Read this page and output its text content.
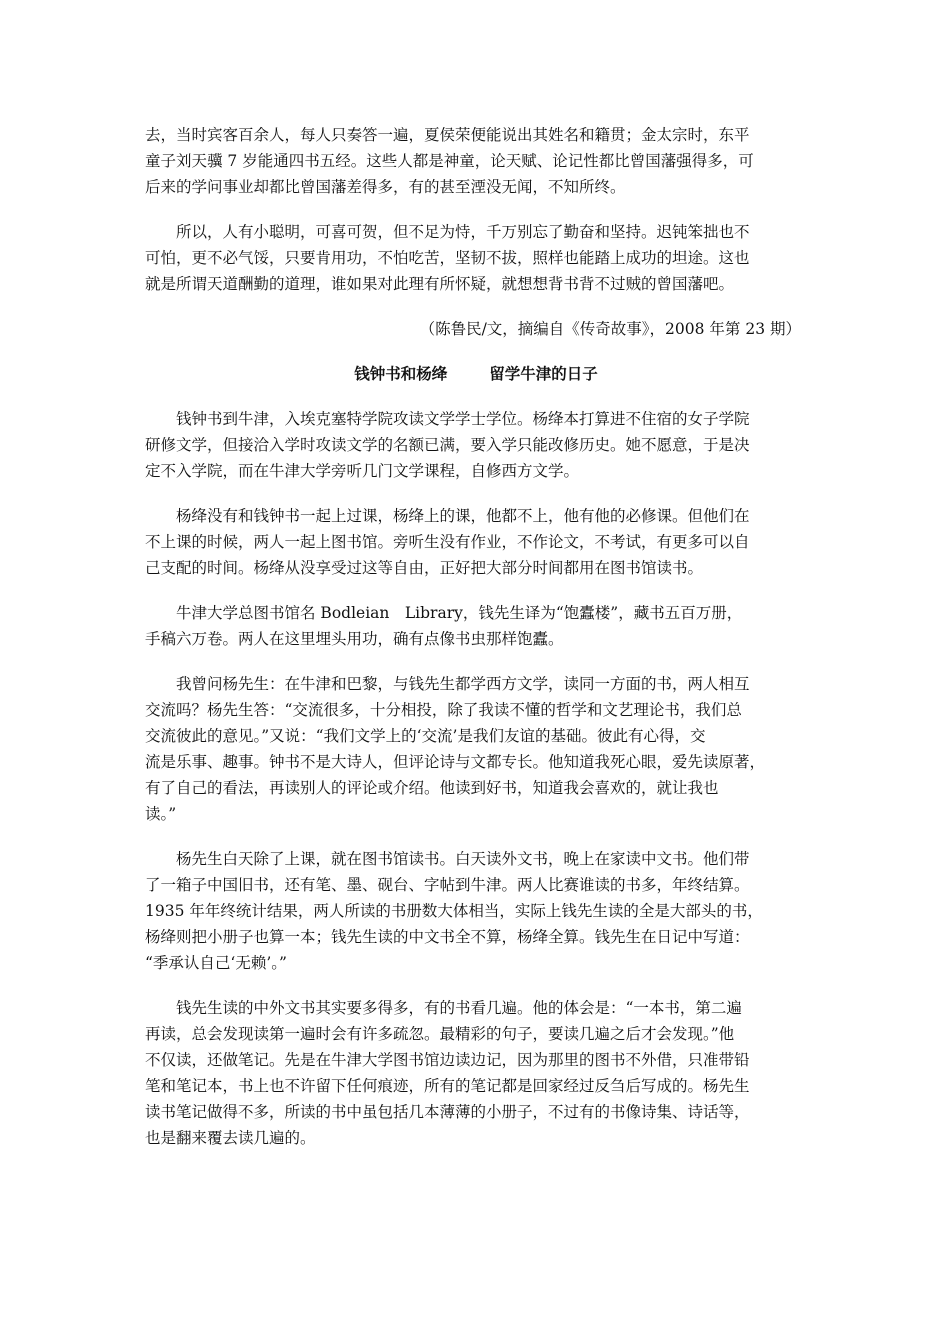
去，当时宾客百余人，每人只奏答一遍，夏侯荣便能说出其姓名和籍贯；金太宗时，东平
童子刘天骥 7 岁能通四书五经。这些人都是神童，论天赋、论记性都比曾国藩强得多，可
后来的学问事业却都比曾国藩差得多，有的甚至湮没无闻，不知所终。

所以，人有小聪明，可喜可贺，但不足为恃，千万别忘了勤奋和坚持。迟钝笨拙也不
可怕，更不必气馁，只要肯用功，不怕吃苦，坚韧不拔，照样也能踏上成功的坦途。这也
就是所谓天道酬勤的道理，谁如果对此理有所怀疑，就想想背书背不过贼的曾国藩吧。

（陈鲁民/文，摘编自《传奇故事》，2008 年第 23 期）

钱钟书和杨绛	留学牛津的日子

钱钟书到牛津，入埃克塞特学院攻读文学学士学位。杨绛本打算进不住宿的女子学院
研修文学，但接洽入学时攻读文学的名额已满，要入学只能改修历史。她不愿意，于是决
定不入学院，而在牛津大学旁听几门文学课程，自修西方文学。

杨绛没有和钱钟书一起上过课，杨绛上的课，他都不上，他有他的必修课。但他们在
不上课的时候，两人一起上图书馆。旁听生没有作业，不作论文，不考试，有更多可以自
己支配的时间。杨绛从没享受过这等自由，正好把大部分时间都用在图书馆读书。

牛津大学总图书馆名 Bodleian　Library，钱先生译为“饱蠹楼”，藏书五百万册，
手稿六万卷。两人在这里埋头用功，确有点像书虫那样饱蠹。

我曾问杨先生：在牛津和巴黎，与钱先生都学西方文学，读同一方面的书，两人相互
交流吗？杨先生答：“交流很多，十分相投，除了我读不懂的哲学和文艺理论书，我们总
交流彼此的意见。”又说：“我们文学上的‘交流’是我们友谊的基础。彼此有心得，交
流是乐事、趣事。钟书不是大诗人，但评论诗与文都专长。他知道我死心眼，爱先读原著，
有了自己的看法，再读别人的评论或介绍。他读到好书，知道我会喜欢的，就让我也
读。”

杨先生白天除了上课，就在图书馆读书。白天读外文书，晚上在家读中文书。他们带
了一箱子中国旧书，还有笔、墨、砚台、字帖到牛津。两人比赛谁读的书多，年终结算。
1935 年年终统计结果，两人所读的书册数大体相当，实际上钱先生读的全是大部头的书，
杨绛则把小册子也算一本；钱先生读的中文书全不算，杨绛全算。钱先生在日记中写道：
“季承认自己‘无赖’。”

钱先生读的中外文书其实要多得多，有的书看几遍。他的体会是：“一本书，第二遍
再读，总会发现读第一遍时会有许多疏忽。最精彩的句子，要读几遍之后才会发现。”他
不仅读，还做笔记。先是在牛津大学图书馆边读边记，因为那里的图书不外借，只准带铅
笔和笔记本，书上也不许留下任何痕迹，所有的笔记都是回家经过反刍后写成的。杨先生
读书笔记做得不多，所读的书中虽包括几本薄薄的小册子，不过有的书像诗集、诗话等，
也是翻来覆去读几遍的。
